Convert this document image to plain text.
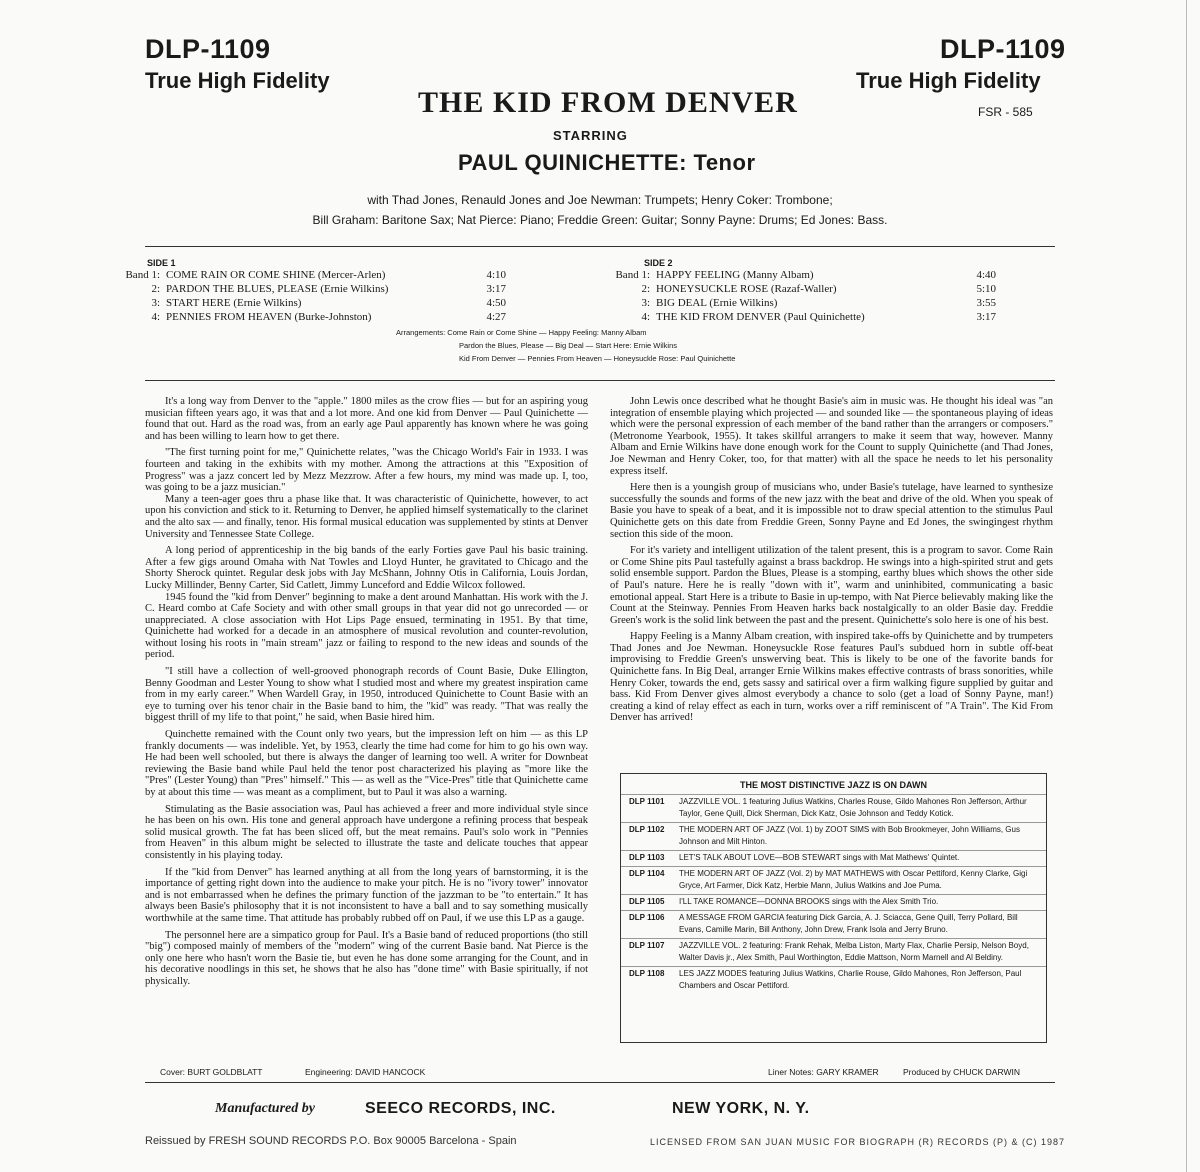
DLP-1109
True High Fidelity
DLP-1109
True High Fidelity
FSR - 585
THE KID FROM DENVER
STARRING
PAUL QUINICHETTE: Tenor
with Thad Jones, Renauld Jones and Joe Newman: Trumpets; Henry Coker: Trombone;
Bill Graham: Baritone Sax; Nat Pierce: Piano; Freddie Green: Guitar; Sonny Payne: Drums; Ed Jones: Bass.
SIDE 1
Band 1: COME RAIN OR COME SHINE (Mercer-Arlen)	4:10
2: PARDON THE BLUES, PLEASE (Ernie Wilkins)	3:17
3: START HERE (Ernie Wilkins)	4:50
4: PENNIES FROM HEAVEN (Burke-Johnston)	4:27
SIDE 2
Band 1: HAPPY FEELING (Manny Albam)	4:40
2: HONEYSUCKLE ROSE (Razaf-Waller)	5:10
3: BIG DEAL (Ernie Wilkins)	3:55
4: THE KID FROM DENVER (Paul Quinichette)	3:17
Arrangements: Come Rain or Come Shine — Happy Feeling: Manny Albam
Pardon the Blues, Please — Big Deal — Start Here: Ernie Wilkins
Kid From Denver — Pennies From Heaven — Honeysuckle Rose: Paul Quinichette

It's a long way from Denver to the "apple." 1800 miles as the crow flies — but for an aspiring youg musician fifteen years ago, it was that and a lot more. And one kid from Denver — Paul Quinichette — found that out. Hard as the road was, from an early age Paul apparently has known where he was going and has been willing to learn how to get there.

"The first turning point for me," Quinichette relates, "was the Chicago World's Fair in 1933. I was fourteen and taking in the exhibits with my mother. Among the attractions at this "Exposition of Progress" was a jazz concert led by Mezz Mezzrow. After a few hours, my mind was made up. I, too, was going to be a jazz musician."

Many a teen-ager goes thru a phase like that. It was characteristic of Quinichette, however, to act upon his conviction and stick to it. Returning to Denver, he applied himself systematically to the clarinet and the alto sax — and finally, tenor. His formal musical education was supplemented by stints at Denver University and Tennessee State College.

A long period of apprenticeship in the big bands of the early Forties gave Paul his basic training. After a few gigs around Omaha with Nat Towles and Lloyd Hunter, he gravitated to Chicago and the Shorty Sherock quintet. Regular desk jobs with Jay McShann, Johnny Otis in California, Louis Jordan, Lucky Millinder, Benny Carter, Sid Catlett, Jimmy Lunceford and Eddie Wilcox followed.

1945 found the "kid from Denver" beginning to make a dent around Manhattan. His work with the J. C. Heard combo at Cafe Society and with other small groups in that year did not go unrecorded — or unappreciated. A close association with Hot Lips Page ensued, terminating in 1951. By that time, Quinichette had worked for a decade in an atmosphere of musical revolution and counter-revolution, without losing his roots in "main stream" jazz or failing to respond to the new ideas and sounds of the period.

"I still have a collection of well-grooved phonograph records of Count Basie, Duke Ellington, Benny Goodman and Lester Young to show what I studied most and where my greatest inspiration came from in my early career." When Wardell Gray, in 1950, introduced Quinichette to Count Basie with an eye to turning over his tenor chair in the Basie band to him, the "kid" was ready. "That was really the biggest thrill of my life to that point," he said, when Basie hired him.

Quinchette remained with the Count only two years, but the impression left on him — as this LP frankly documents — was indelible. Yet, by 1953, clearly the time had come for him to go his own way. He had been well schooled, but there is always the danger of learning too well. A writer for Downbeat reviewing the Basie band while Paul held the tenor post characterized his playing as "more like the "Pres" (Lester Young) than "Pres" himself." This — as well as the "Vice-Pres" title that Quinichette came by at about this time — was meant as a compliment, but to Paul it was also a warning.

Stimulating as the Basie association was, Paul has achieved a freer and more individual style since he has been on his own. His tone and general approach have undergone a refining process that bespeak solid musical growth. The fat has been sliced off, but the meat remains. Paul's solo work in "Pennies from Heaven" in this album might be selected to illustrate the taste and delicate touches that appear consistently in his playing today.

If the "kid from Denver" has learned anything at all from the long years of barnstorming, it is the importance of getting right down into the audience to make your pitch. He is no "ivory tower" innovator and is not embarrassed when he defines the primary function of the jazzman to be "to entertain." It has always been Basie's philosophy that it is not inconsistent to have a ball and to say something musically worthwhile at the same time. That attitude has probably rubbed off on Paul, if we use this LP as a gauge.

The personnel here are a simpatico group for Paul. It's a Basie band of reduced proportions (tho still "big") composed mainly of members of the "modern" wing of the current Basie band. Nat Pierce is the only one here who hasn't worn the Basie tie, but even he has done some arranging for the Count, and in his decorative noodlings in this set, he shows that he also has "done time" with Basie spiritually, if not physically.

John Lewis once described what he thought Basie's aim in music was. He thought his ideal was "an integration of ensemble playing which projected — and sounded like — the spontaneous playing of ideas which were the personal expression of each member of the band rather than the arrangers or composers." (Metronome Yearbook, 1955). It takes skillful arrangers to make it seem that way, however. Manny Albam and Ernie Wilkins have done enough work for the Count to supply Quinichette (and Thad Jones, Joe Newman and Henry Coker, too, for that matter) with all the space he needs to let his personality express itself.

Here then is a youngish group of musicians who, under Basie's tutelage, have learned to synthesize successfully the sounds and forms of the new jazz with the beat and drive of the old. When you speak of Basie you have to speak of a beat, and it is impossible not to draw special attention to the stimulus Paul Quinichette gets on this date from Freddie Green, Sonny Payne and Ed Jones, the swingingest rhythm section this side of the moon.

For it's variety and intelligent utilization of the talent present, this is a program to savor. Come Rain or Come Shine pits Paul tastefully against a brass backdrop. He swings into a high-spirited strut and gets solid ensemble support. Pardon the Blues, Please is a stomping, earthy blues which shows the other side of Paul's nature. Here he is really "down with it", warm and uninhibited, communicating a basic emotional appeal. Start Here is a tribute to Basie in up-tempo, with Nat Pierce believably making like the Count at the Steinway. Pennies From Heaven harks back nostalgically to an older Basie day. Freddie Green's work is the solid link between the past and the present. Quinichette's solo here is one of his best.

Happy Feeling is a Manny Albam creation, with inspired take-offs by Quinichette and by trumpeters Thad Jones and Joe Newman. Honeysuckle Rose features Paul's subdued horn in subtle off-beat improvising to Freddie Green's unswerving beat. This is likely to be one of the favorite bands for Quinichette fans. In Big Deal, arranger Ernie Wilkins makes effective contrasts of brass sonorities, while Henry Coker, towards the end, gets sassy and satirical over a firm walking figure supplied by guitar and bass. Kid From Denver gives almost everybody a chance to solo (get a load of Sonny Payne, man!) creating a kind of relay effect as each in turn, works over a riff reminiscent of "A Train". The Kid From Denver has arrived!

THE MOST DISTINCTIVE JAZZ IS ON DAWN
DLP 1101	JAZZVILLE VOL. 1 featuring Julius Watkins, Charles Rouse, Gildo Mahones Ron Jefferson, Arthur Taylor, Gene Quill, Dick Sherman, Dick Katz, Osie Johnson and Teddy Kotick.
DLP 1102	THE MODERN ART OF JAZZ (Vol. 1) by ZOOT SIMS with Bob Brookmeyer, John Williams, Gus Johnson and Milt Hinton.
DLP 1103	LET'S TALK ABOUT LOVE—BOB STEWART sings with Mat Mathews' Quintet.
DLP 1104	THE MODERN ART OF JAZZ (Vol. 2) by MAT MATHEWS with Oscar Pettiford, Kenny Clarke, Gigi Gryce, Art Farmer, Dick Katz, Herbie Mann, Julius Watkins and Joe Puma.
DLP 1105	I'LL TAKE ROMANCE—DONNA BROOKS sings with the Alex Smith Trio.
DLP 1106	A MESSAGE FROM GARCIA featuring Dick Garcia, A. J. Sciacca, Gene Quill, Terry Pollard, Bill Evans, Camille Marin, Bill Anthony, John Drew, Frank Isola and Jerry Bruno.
DLP 1107	JAZZVILLE VOL. 2 featuring: Frank Rehak, Melba Liston, Marty Flax, Charlie Persip, Nelson Boyd, Walter Davis jr., Alex Smith, Paul Worthington, Eddie Mattson, Norm Marnell and Al Beldiny.
DLP 1108	LES JAZZ MODES featuring Julius Watkins, Charlie Rouse, Gildo Mahones, Ron Jefferson, Paul Chambers and Oscar Pettiford.
Cover: BURT GOLDBLATT	Engineering: DAVID HANCOCK	Liner Notes: GARY KRAMER	Produced by CHUCK DARWIN
Manufactured by	SEECO RECORDS, INC.	NEW YORK, N. Y.
Reissued by FRESH SOUND RECORDS P.O. Box 90005 Barcelona - Spain	LICENSED FROM SAN JUAN MUSIC FOR BIOGRAPH (R) RECORDS (P) & (C) 1987
